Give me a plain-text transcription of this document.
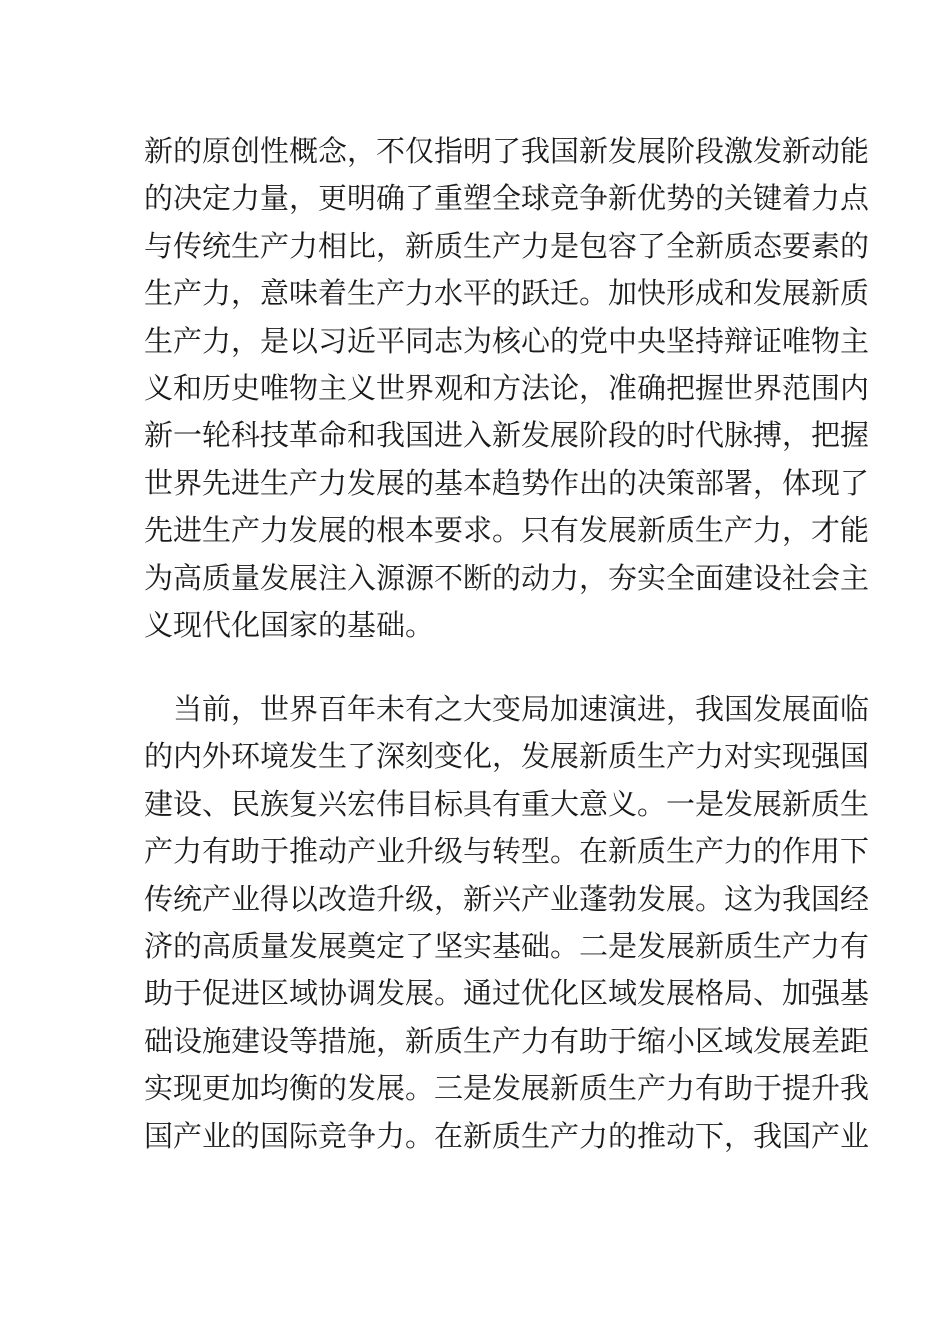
新的原创性概念，不仅指明了我国新发展阶段激发新动能
的决定力量，更明确了重塑全球竞争新优势的关键着力点
与传统生产力相比，新质生产力是包容了全新质态要素的
生产力，意味着生产力水平的跃迁。加快形成和发展新质
生产力，是以习近平同志为核心的党中央坚持辩证唯物主
义和历史唯物主义世界观和方法论，准确把握世界范围内
新一轮科技革命和我国进入新发展阶段的时代脉搏，把握
世界先进生产力发展的基本趋势作出的决策部署，体现了
先进生产力发展的根本要求。只有发展新质生产力，才能
为高质量发展注入源源不断的动力，夯实全面建设社会主
义现代化国家的基础。
　当前，世界百年未有之大变局加速演进，我国发展面临
的内外环境发生了深刻变化，发展新质生产力对实现强国
建设、民族复兴宏伟目标具有重大意义。一是发展新质生
产力有助于推动产业升级与转型。在新质生产力的作用下
传统产业得以改造升级，新兴产业蓬勃发展。这为我国经
济的高质量发展奠定了坚实基础。二是发展新质生产力有
助于促进区域协调发展。通过优化区域发展格局、加强基
础设施建设等措施，新质生产力有助于缩小区域发展差距
实现更加均衡的发展。三是发展新质生产力有助于提升我
国产业的国际竞争力。在新质生产力的推动下，我国产业
